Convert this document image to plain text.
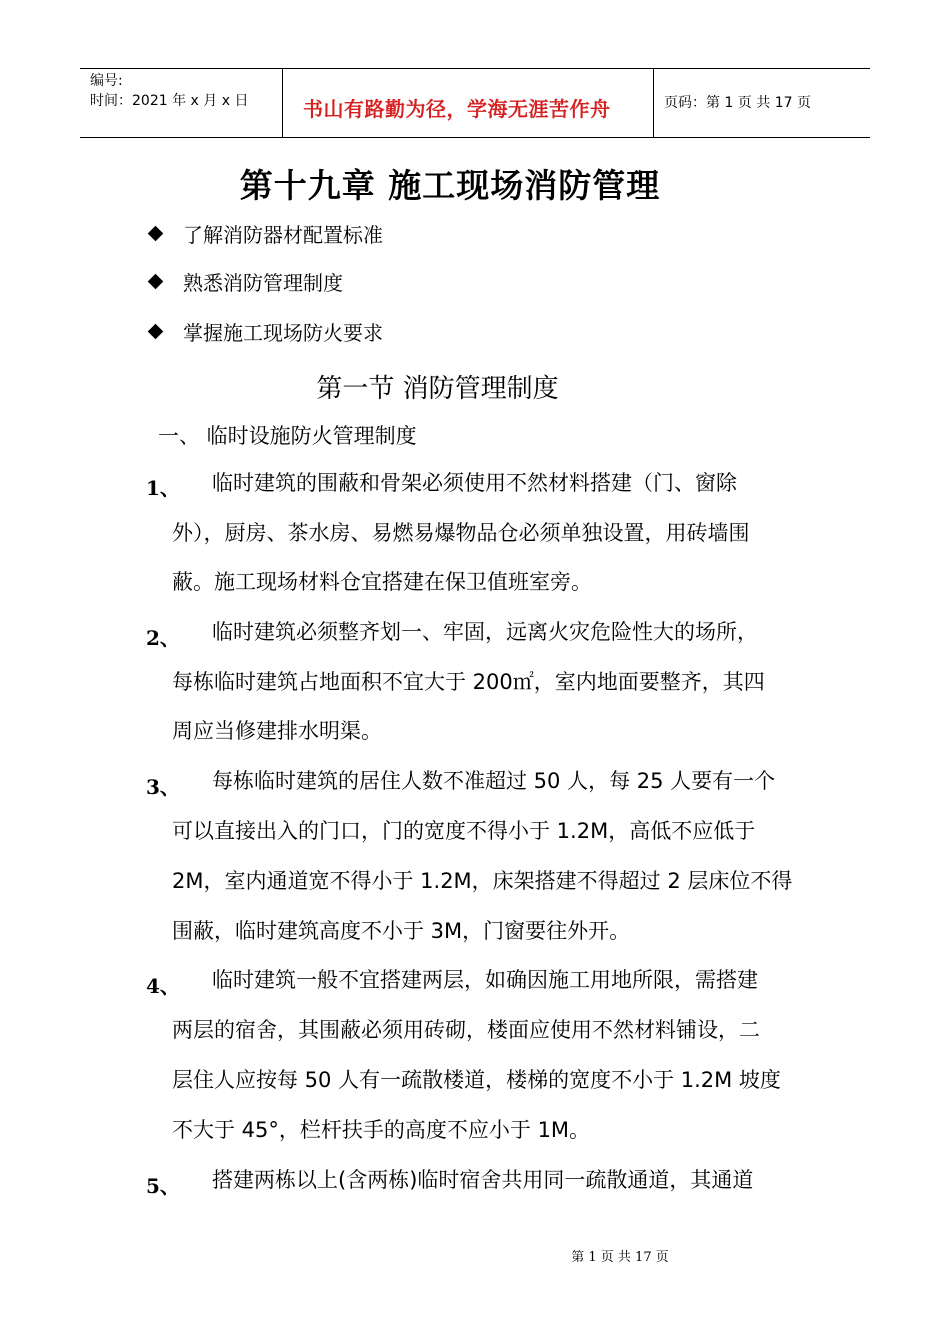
编号:
时间：2021 年 x 月 x 日	书山有路勤为径，学海无涯苦作舟	页码：第 1 页 共 17 页
第十九章 施工现场消防管理
了解消防器材配置标准
熟悉消防管理制度
掌握施工现场防火要求
第一节 消防管理制度
一、 临时设施防火管理制度
1、 临时建筑的围蔽和骨架必须使用不然材料搭建（门、窗除
外），厨房、茶水房、易燃易爆物品仓必须单独设置，用砖墙围
蔽。施工现场材料仓宜搭建在保卫值班室旁。
2、 临时建筑必须整齐划一、牢固，远离火灾危险性大的场所，
每栋临时建筑占地面积不宜大于 200㎡，室内地面要整齐，其四
周应当修建排水明渠。
3、 每栋临时建筑的居住人数不准超过 50 人，每 25 人要有一个
可以直接出入的门口，门的宽度不得小于 1.2M，高低不应低于
2M，室内通道宽不得小于 1.2M，床架搭建不得超过 2 层床位不得
围蔽，临时建筑高度不小于 3M，门窗要往外开。
4、 临时建筑一般不宜搭建两层，如确因施工用地所限，需搭建
两层的宿舍，其围蔽必须用砖砌，楼面应使用不然材料铺设，二
层住人应按每 50 人有一疏散楼道，楼梯的宽度不小于 1.2M 坡度
不大于 45°，栏杆扶手的高度不应小于 1M。
5、 搭建两栋以上(含两栋)临时宿舍共用同一疏散通道，其通道
第 1 页 共 17 页
